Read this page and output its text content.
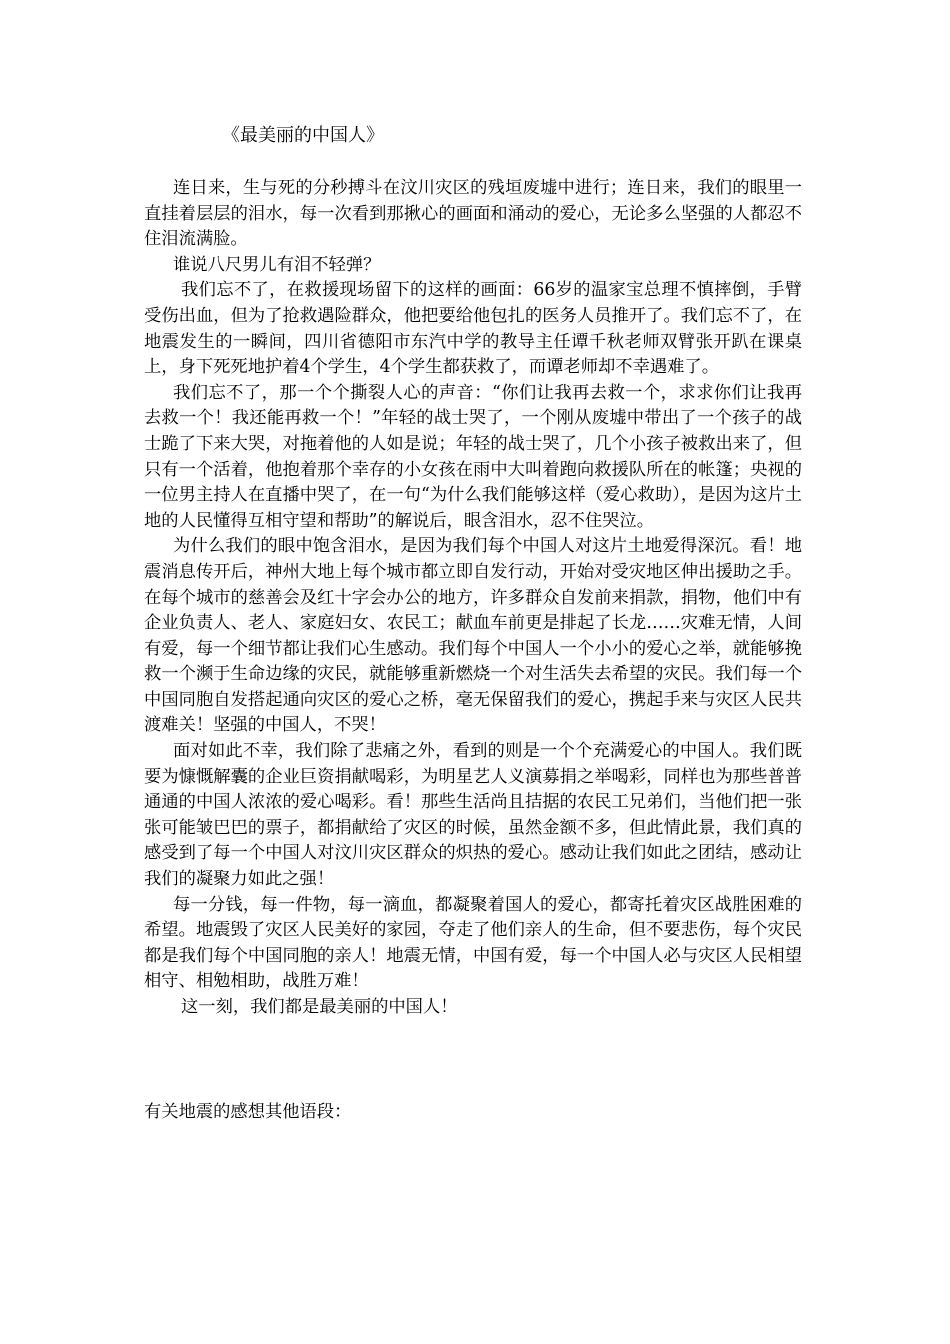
《最美丽的中国人》

连日来，生与死的分秒搏斗在汶川灾区的残垣废墟中进行；连日来，我们的眼里一直挂着层层的泪水，每一次看到那揪心的画面和涌动的爱心，无论多么坚强的人都忍不住泪流满脸。

谁说八尺男儿有泪不轻弹？

我们忘不了，在救援现场留下的这样的画面：66岁的温家宝总理不慎摔倒，手臂受伤出血，但为了抢救遇险群众，他把要给他包扎的医务人员推开了。我们忘不了，在地震发生的一瞬间，四川省德阳市东汽中学的教导主任谭千秋老师双臂张开趴在课桌上，身下死死地护着4个学生，4个学生都获救了，而谭老师却不幸遇难了。

我们忘不了，那一个个撕裂人心的声音：“你们让我再去救一个，求求你们让我再去救一个！我还能再救一个！”年轻的战士哭了，一个刚从废墟中带出了一个孩子的战士跪了下来大哭，对拖着他的人如是说；年轻的战士哭了，几个小孩子被救出来了，但只有一个活着，他抱着那个幸存的小女孩在雨中大叫着跑向救援队所在的帐篷；央视的一位男主持人在直播中哭了，在一句“为什么我们能够这样（爱心救助），是因为这片土地的人民懂得互相守望和帮助”的解说后，眼含泪水，忍不住哭泣。

为什么我们的眼中饱含泪水，是因为我们每个中国人对这片土地爱得深沉。看！地震消息传开后，神州大地上每个城市都立即自发行动，开始对受灾地区伸出援助之手。在每个城市的慈善会及红十字会办公的地方，许多群众自发前来捐款，捐物，他们中有企业负责人、老人、家庭妇女、农民工；献血车前更是排起了长龙……灾难无情，人间有爱，每一个细节都让我们心生感动。我们每个中国人一个小小的爱心之举，就能够挽救一个濒于生命边缘的灾民，就能够重新燃烧一个对生活失去希望的灾民。我们每一个中国同胞自发搭起通向灾区的爱心之桥，毫无保留我们的爱心，携起手来与灾区人民共渡难关！坚强的中国人，不哭！

面对如此不幸，我们除了悲痛之外，看到的则是一个个充满爱心的中国人。我们既要为慷慨解囊的企业巨资捐献喝彩，为明星艺人义演募捐之举喝彩，同样也为那些普普通通的中国人浓浓的爱心喝彩。看！那些生活尚且拮据的农民工兄弟们，当他们把一张张可能皱巴巴的票子，都捐献给了灾区的时候，虽然金额不多，但此情此景，我们真的感受到了每一个中国人对汶川灾区群众的炽热的爱心。感动让我们如此之团结，感动让我们的凝聚力如此之强！

每一分钱，每一件物，每一滴血，都凝聚着国人的爱心，都寄托着灾区战胜困难的希望。地震毁了灾区人民美好的家园，夺走了他们亲人的生命，但不要悲伤，每个灾民都是我们每个中国同胞的亲人！地震无情，中国有爱，每一个中国人必与灾区人民相望相守、相勉相助，战胜万难！

这一刻，我们都是最美丽的中国人！

有关地震的感想其他语段：
